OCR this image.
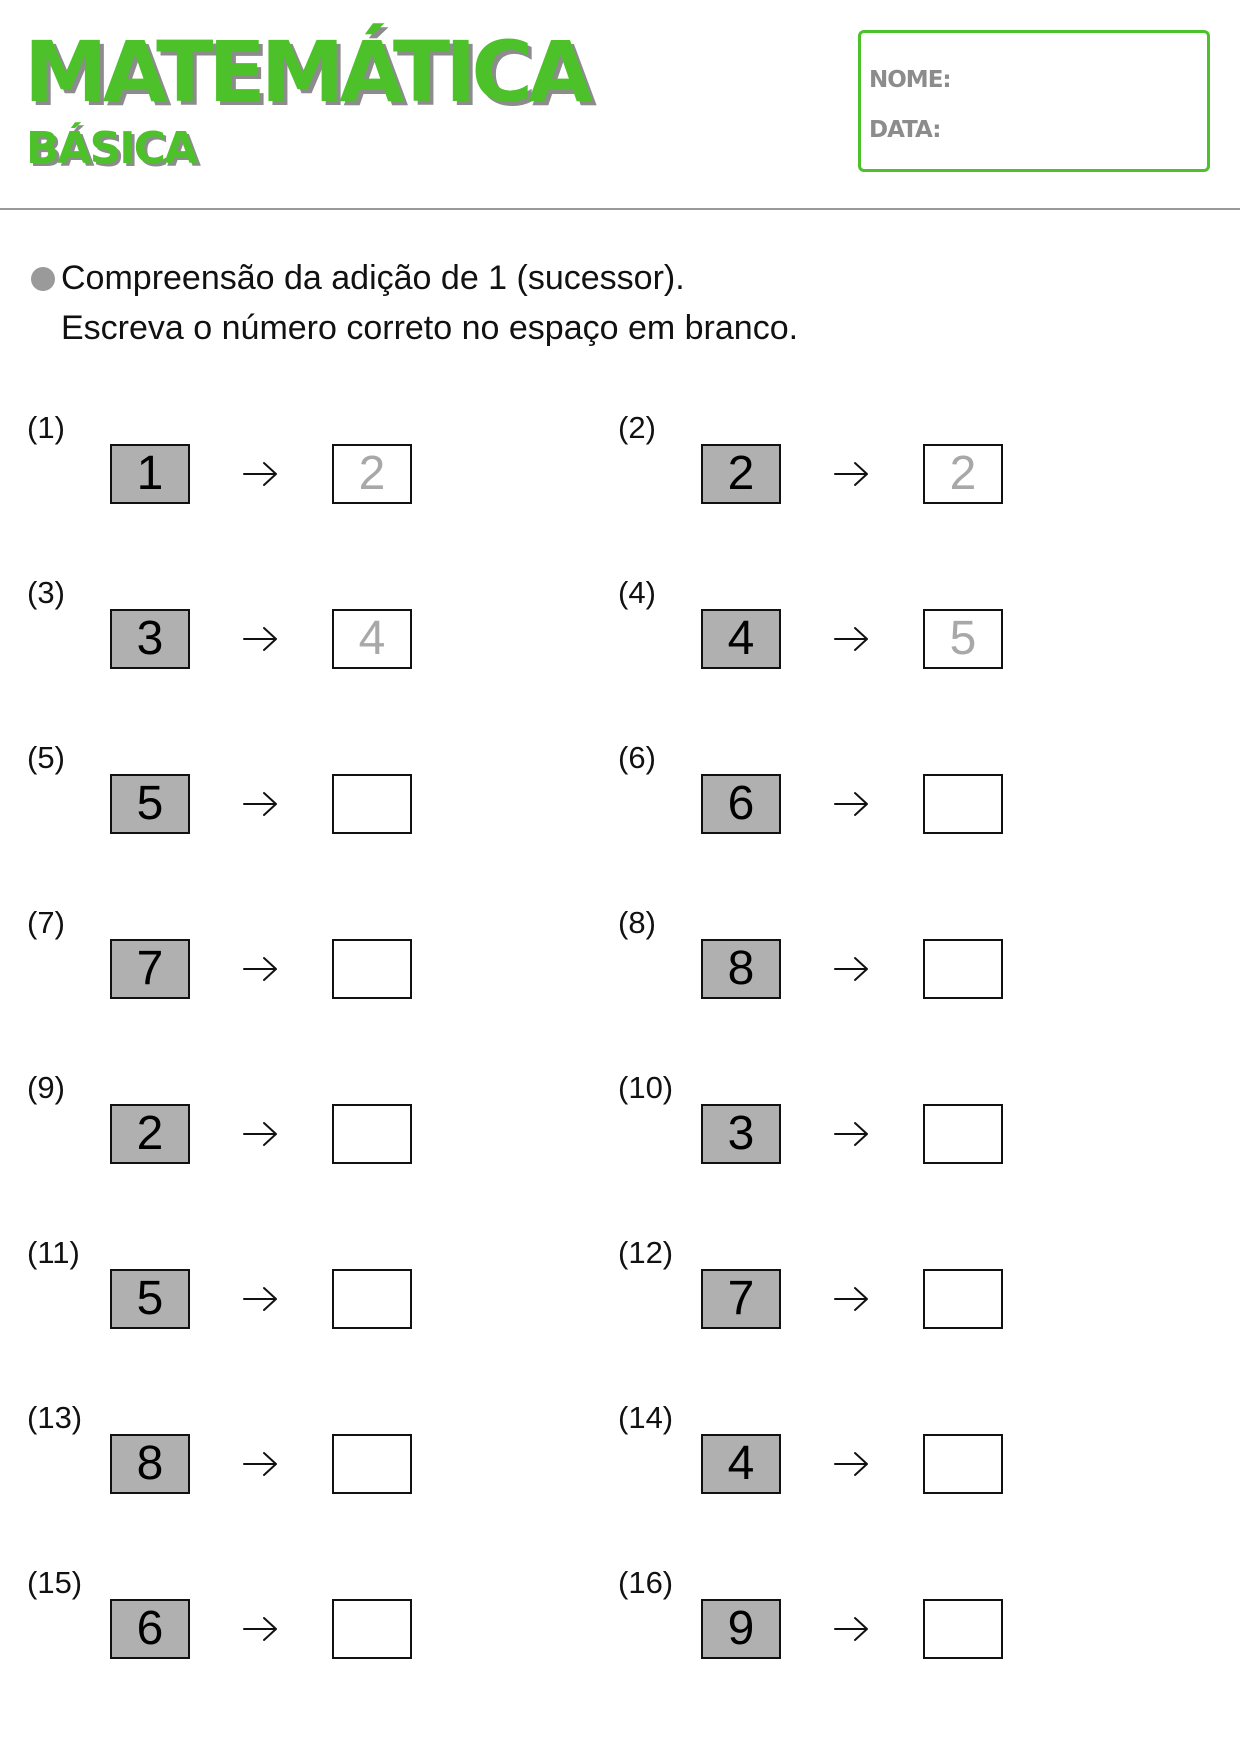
MATEMÁTICA
BÁSICA
NOME:
DATA:
Compreensão da adição de 1 (sucessor).
Escreva o número correto no espaço em branco.
(1)
1	2
(2)
2	2
(3)
3	4
(4)
4	5
(5)
5
(6)
6
(7)
7
(8)
8
(9)
2
(10)
3
(11)
5
(12)
7
(13)
8
(14)
4
(15)
6
(16)
9
